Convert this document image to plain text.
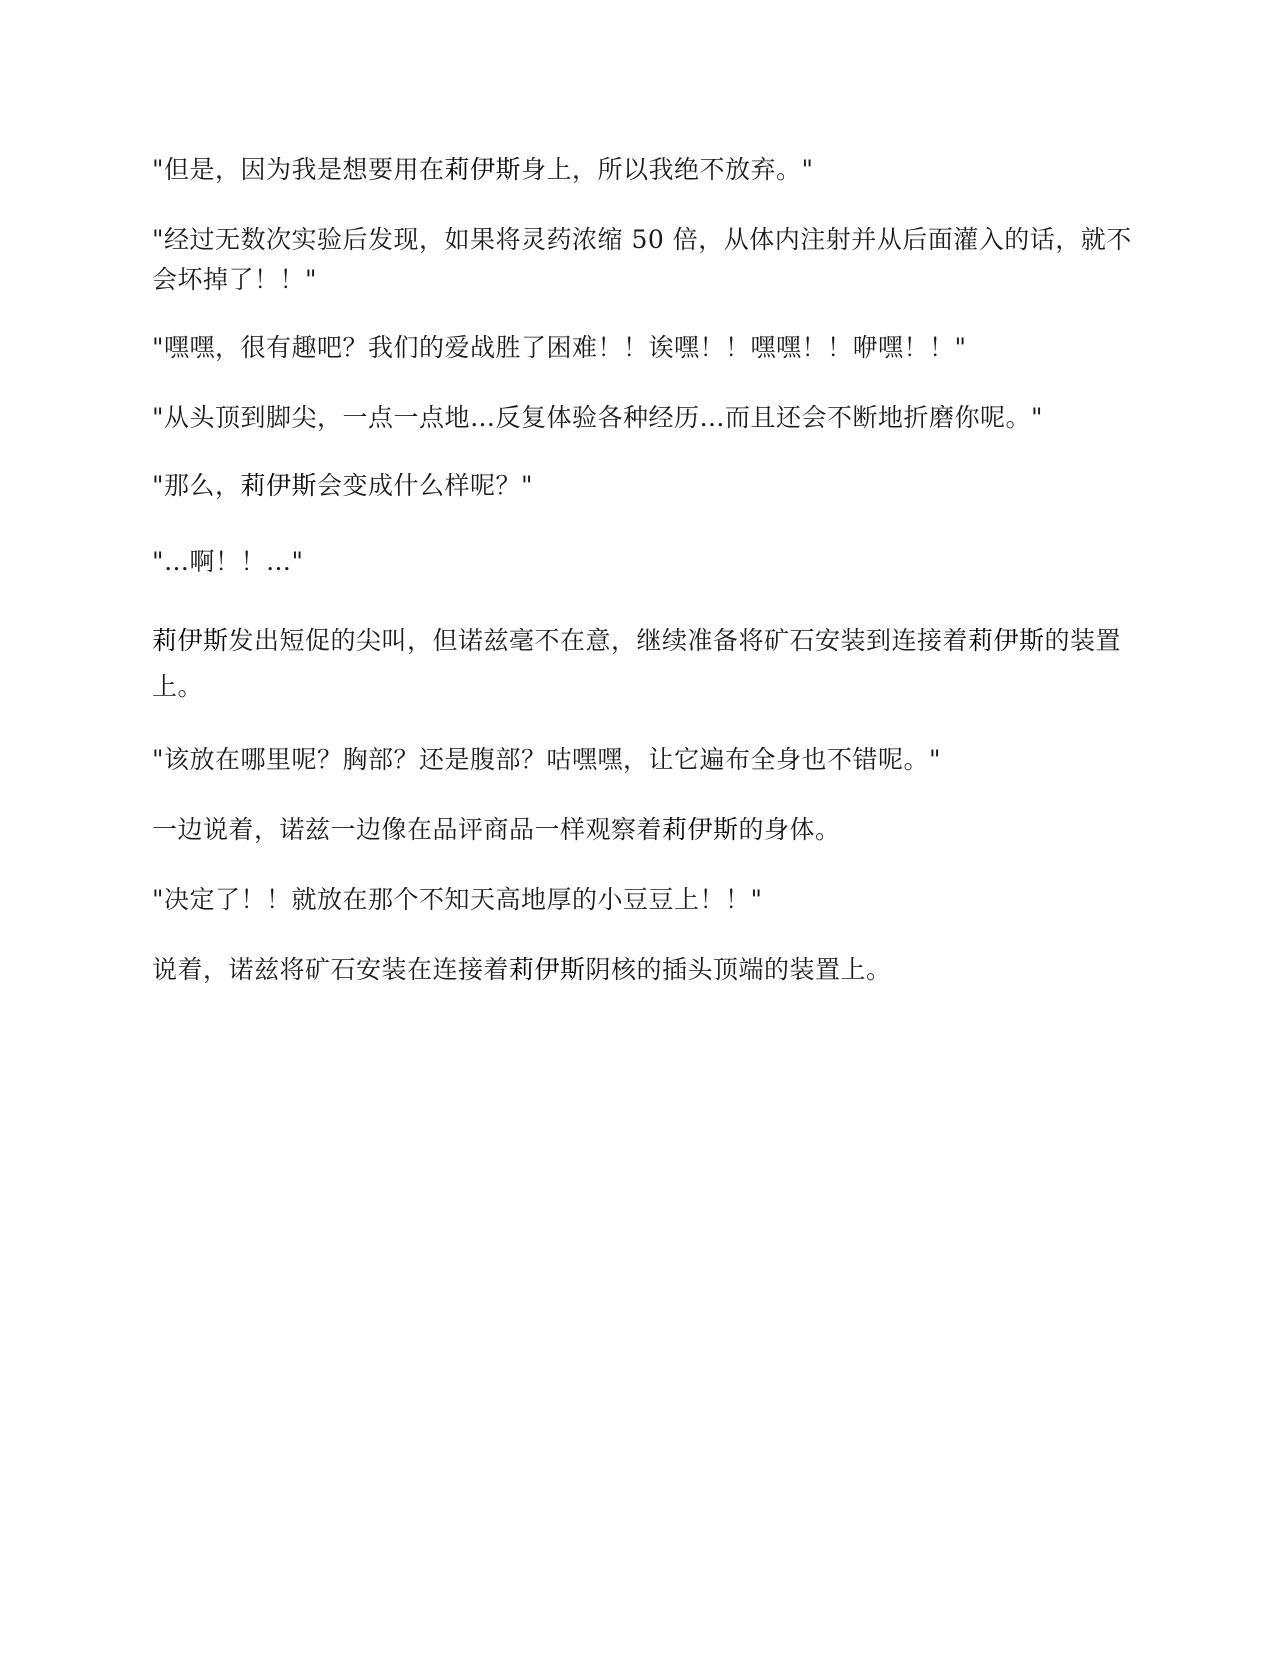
"但是，因为我是想要用在莉伊斯身上，所以我绝不放弃。"

"经过无数次实验后发现，如果将灵药浓缩 50 倍，从体内注射并从后面灌入的话，就不会坏掉了！！"

"嘿嘿，很有趣吧？我们的爱战胜了困难！！诶嘿！！嘿嘿！！咿嘿！！"

"从头顶到脚尖，一点一点地…反复体验各种经历…而且还会不断地折磨你呢。"

"那么，莉伊斯会变成什么样呢？"

"…啊！！…"

莉伊斯发出短促的尖叫，但诺兹毫不在意，继续准备将矿石安装到连接着莉伊斯的装置上。

"该放在哪里呢？胸部？还是腹部？咕嘿嘿，让它遍布全身也不错呢。"

一边说着，诺兹一边像在品评商品一样观察着莉伊斯的身体。

"决定了！！就放在那个不知天高地厚的小豆豆上！！"

说着，诺兹将矿石安装在连接着莉伊斯阴核的插头顶端的装置上。
